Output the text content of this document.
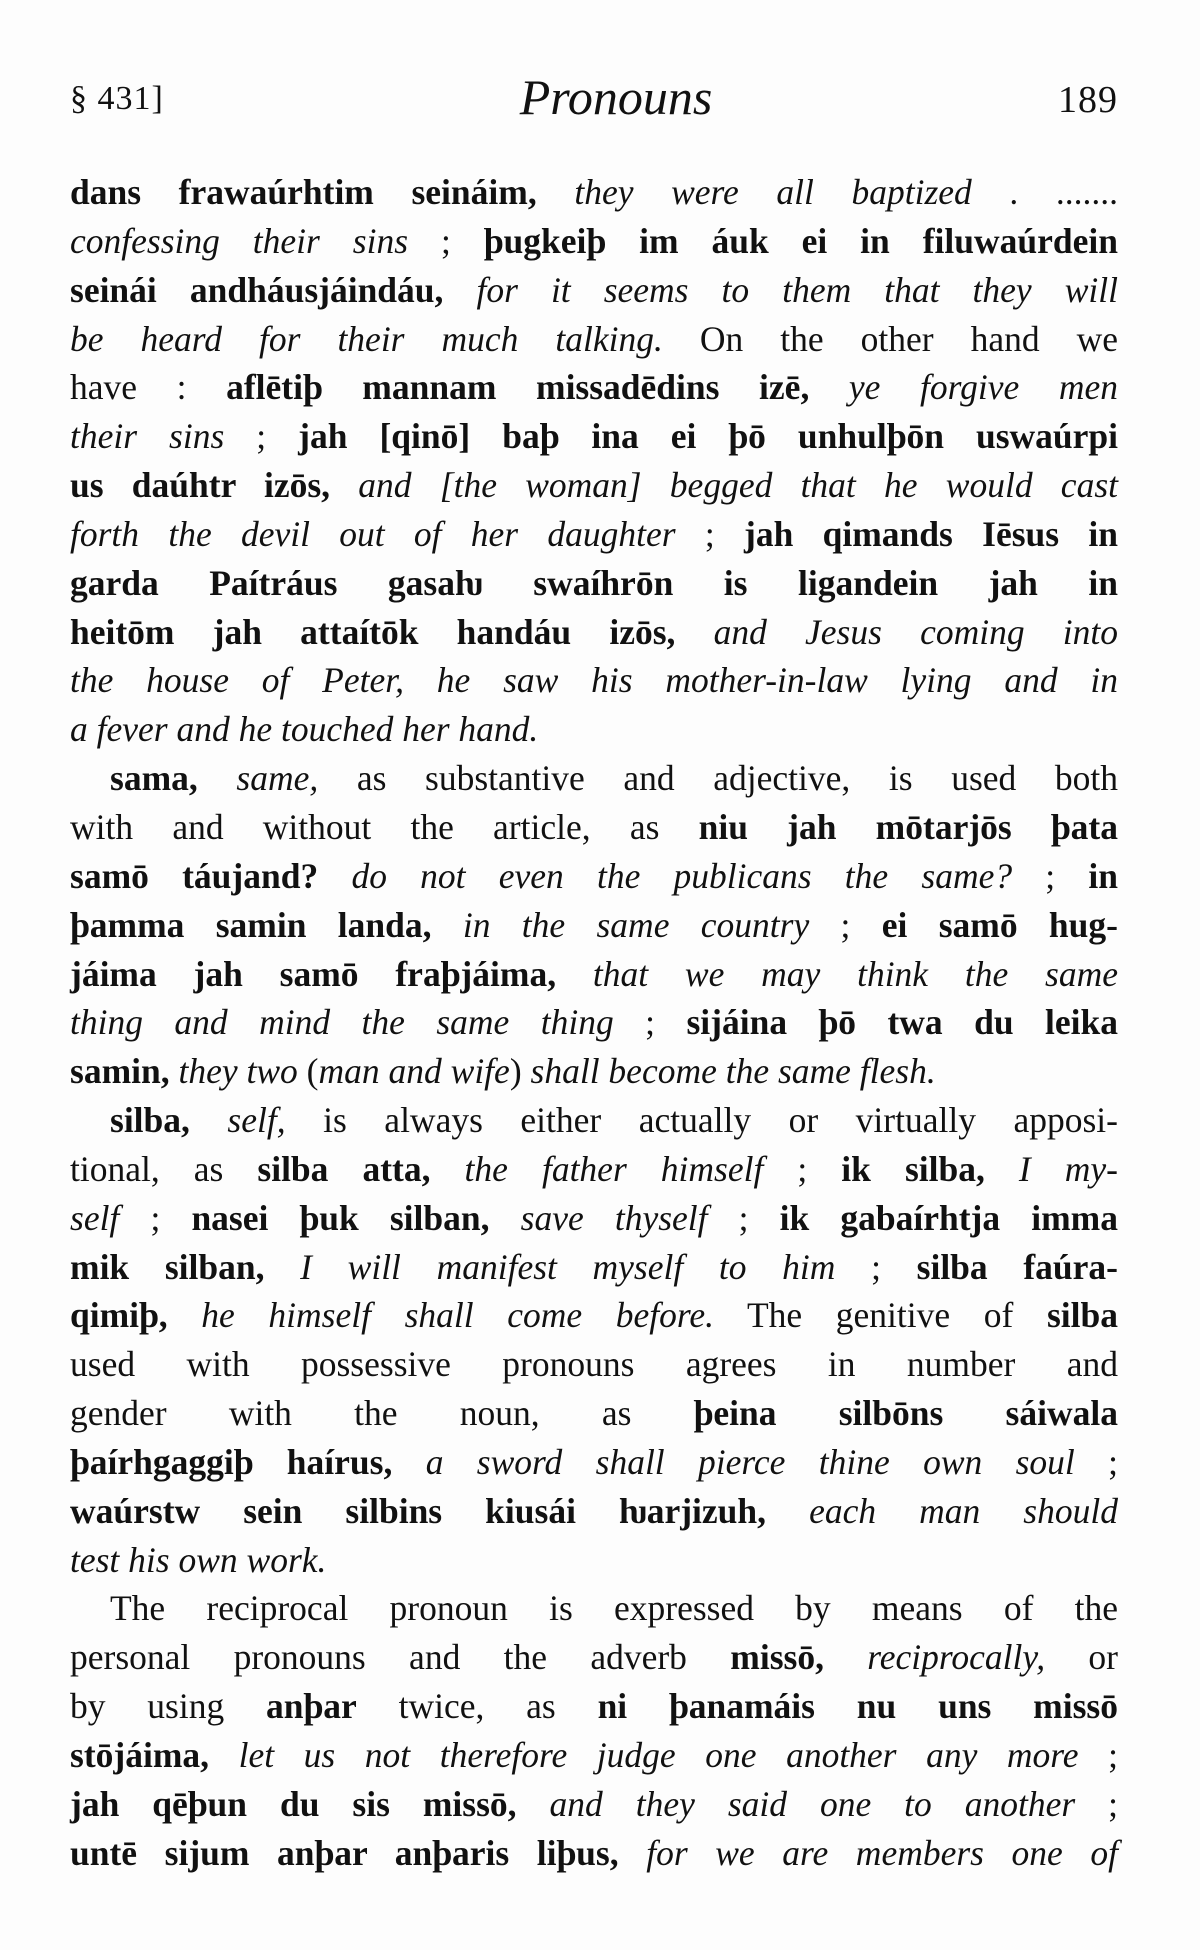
§ 431]	Pronouns	189
dans frawaúrhtim seináim, they were all baptized . .......
confessing their sins ; þugkeiþ im áuk ei in filuwaúrdein
seinái andháusjáindáu, for it seems to them that they will
be heard for their much talking. On the other hand we
have : aflētiþ mannam missadēdins izē, ye forgive men
their sins ; jah [qinō] baþ ina ei þō unhulþōn uswaúrpi
us daúhtr izōs, and [the woman] begged that he would cast
forth the devil out of her daughter ; jah qimands Iēsus in
garda Paítráus gasaƕ swaíhrōn is ligandein jah in
heitōm jah attaítōk handáu izōs, and Jesus coming into
the house of Peter, he saw his mother-in-law lying and in
a fever and he touched her hand.
sama, same, as substantive and adjective, is used both
with and without the article, as niu jah mōtarjōs þata
samō táujand? do not even the publicans the same? ; in
þamma samin landa, in the same country ; ei samō hug-
jáima jah samō fraþjáima, that we may think the same
thing and mind the same thing ; sijáina þō twa du leika
samin, they two (man and wife) shall become the same flesh.
silba, self, is always either actually or virtually apposi-
tional, as silba atta, the father himself ; ik silba, I my-
self ; nasei þuk silban, save thyself ; ik gabaírhtja imma
mik silban, I will manifest myself to him ; silba faúra-
qimiþ, he himself shall come before. The genitive of silba
used with possessive pronouns agrees in number and
gender with the noun, as þeina silbōns sáiwala
þaírhgaggiþ haírus, a sword shall pierce thine own soul ;
waúrstw sein silbins kiusái ƕarjizuh, each man should
test his own work.
The reciprocal pronoun is expressed by means of the
personal pronouns and the adverb missō, reciprocally, or
by using anþar twice, as ni þanamáis nu uns missō
stōjáima, let us not therefore judge one another any more ;
jah qēþun du sis missō, and they said one to another ;
untē sijum anþar anþaris liþus, for we are members one of
